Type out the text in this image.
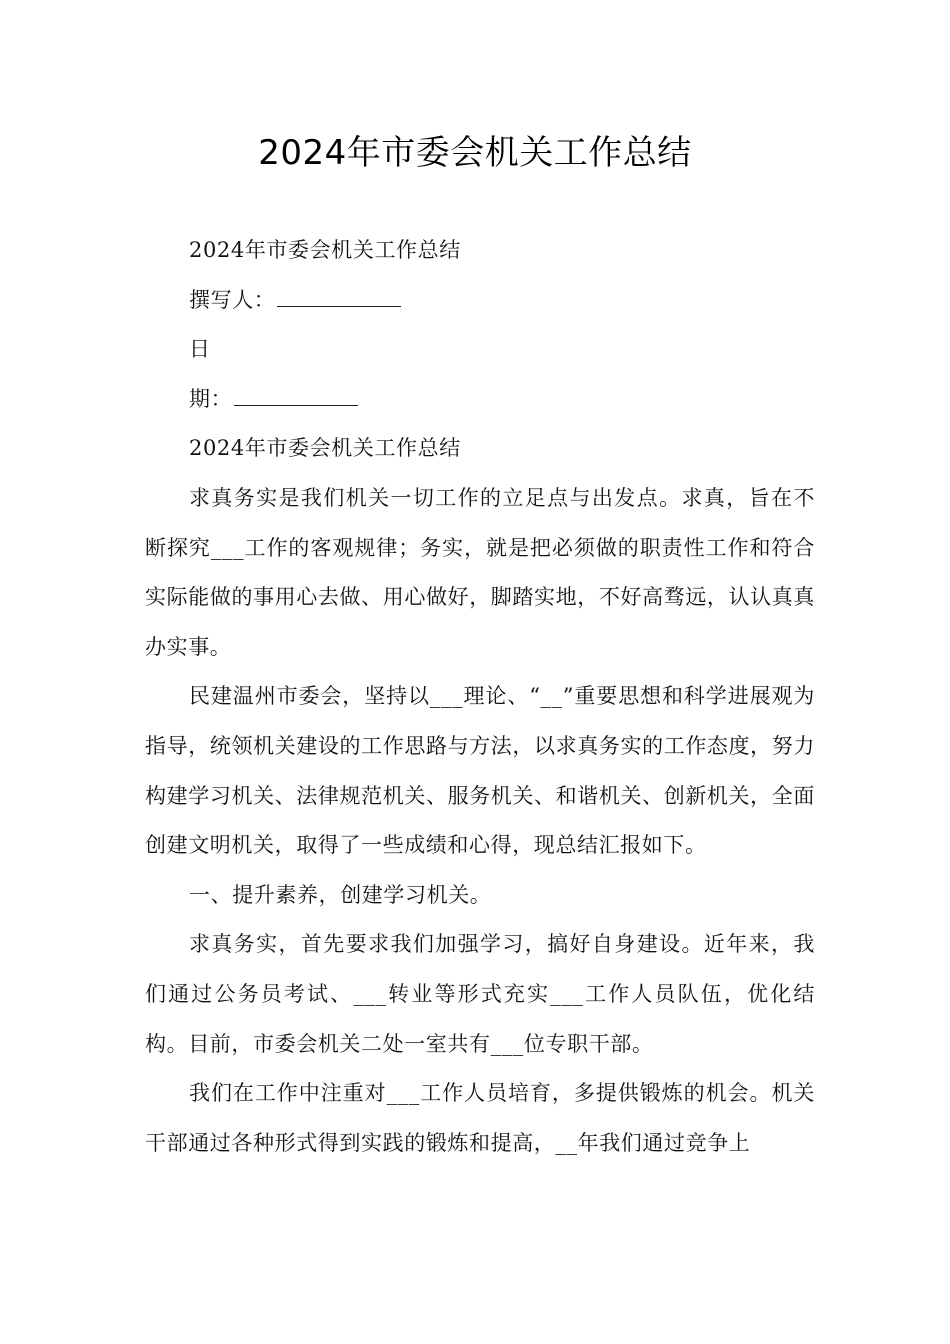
2024年市委会机关工作总结

2024年市委会机关工作总结

撰写人：

日

期：

2024年市委会机关工作总结

求真务实是我们机关一切工作的立足点与出发点。求真，旨在不断探究___工作的客观规律；务实，就是把必须做的职责性工作和符合实际能做的事用心去做、用心做好，脚踏实地，不好高骛远，认认真真办实事。

民建温州市委会，坚持以___理论、“__”重要思想和科学进展观为指导，统领机关建设的工作思路与方法，以求真务实的工作态度，努力构建学习机关、法律规范机关、服务机关、和谐机关、创新机关，全面创建文明机关，取得了一些成绩和心得，现总结汇报如下。

一、提升素养，创建学习机关。

求真务实，首先要求我们加强学习，搞好自身建设。近年来，我们通过公务员考试、___转业等形式充实___工作人员队伍，优化结构。目前，市委会机关二处一室共有___位专职干部。

我们在工作中注重对___工作人员培育，多提供锻炼的机会。机关干部通过各种形式得到实践的锻炼和提高，__年我们通过竞争上
